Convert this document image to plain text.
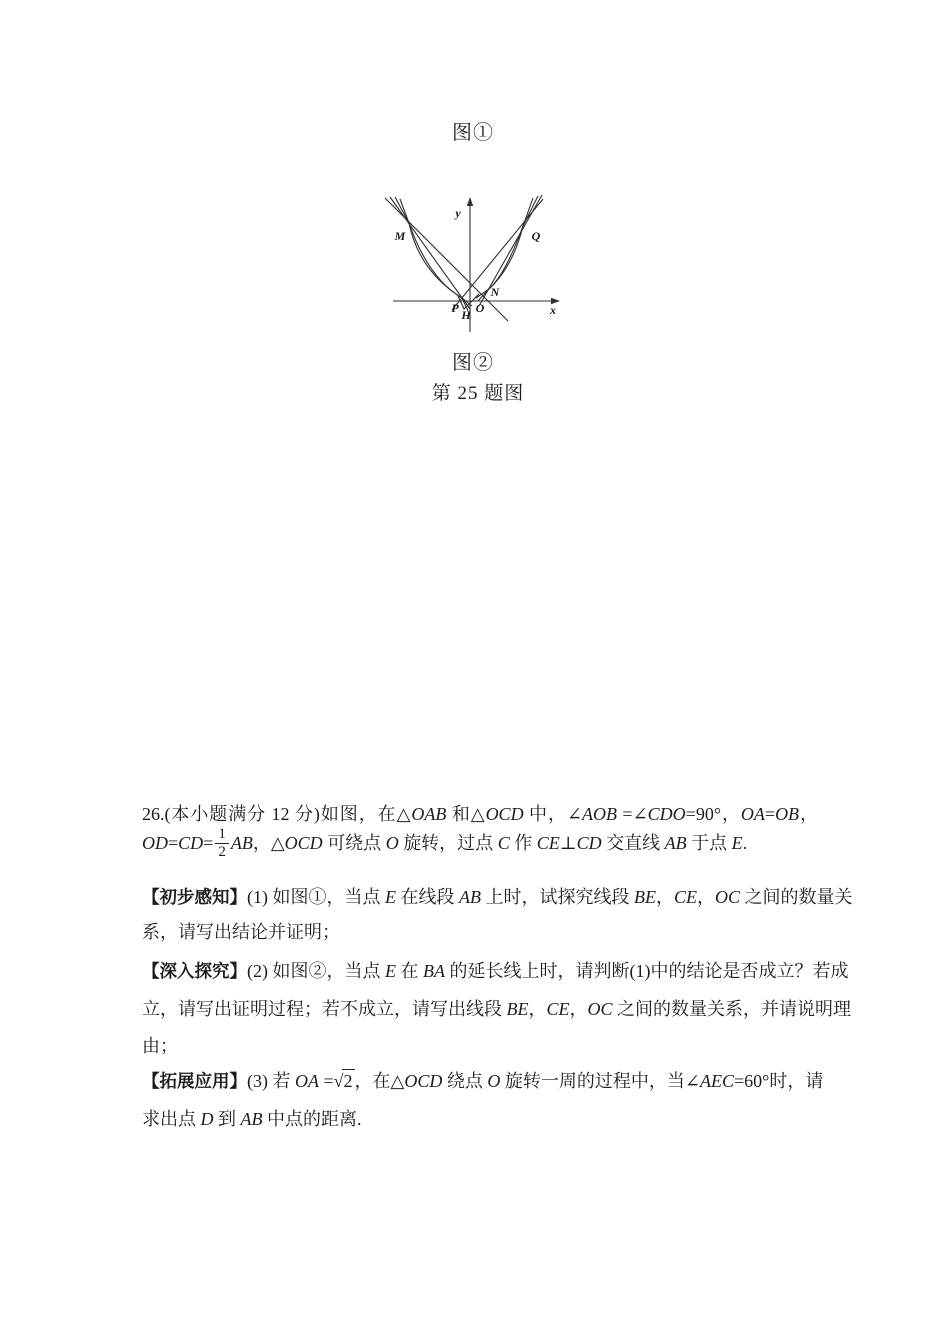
图①
y
x
M	Q
P H O
N
图②
第 25 题图
26.(本小题满分 12 分)如图，在△OAB 和△OCD 中，∠AOB =∠CDO=90°，OA=OB，
$OD=CD= \frac{1}{2}$ AB，△OCD 可绕点 O 旋转，过点 C 作 CE⊥CD 交直线 AB 于点 E.
【初步感知】(1) 如图①，当点 E 在线段 AB 上时，试探究线段 BE，CE，OC 之间的数量关
系，请写出结论并证明；
【深入探究】(2) 如图②，当点 E 在 BA 的延长线上时，请判断(1)中的结论是否成立？若成
立，请写出证明过程；若不成立，请写出线段 BE，CE，OC 之间的数量关系，并请说明理
由；
【拓展应用】(3) 若 OA =√2 ，在△OCD 绕点 O 旋转一周的过程中，当∠AEC=60°时，请
求出点 D 到 AB 中点的距离.
